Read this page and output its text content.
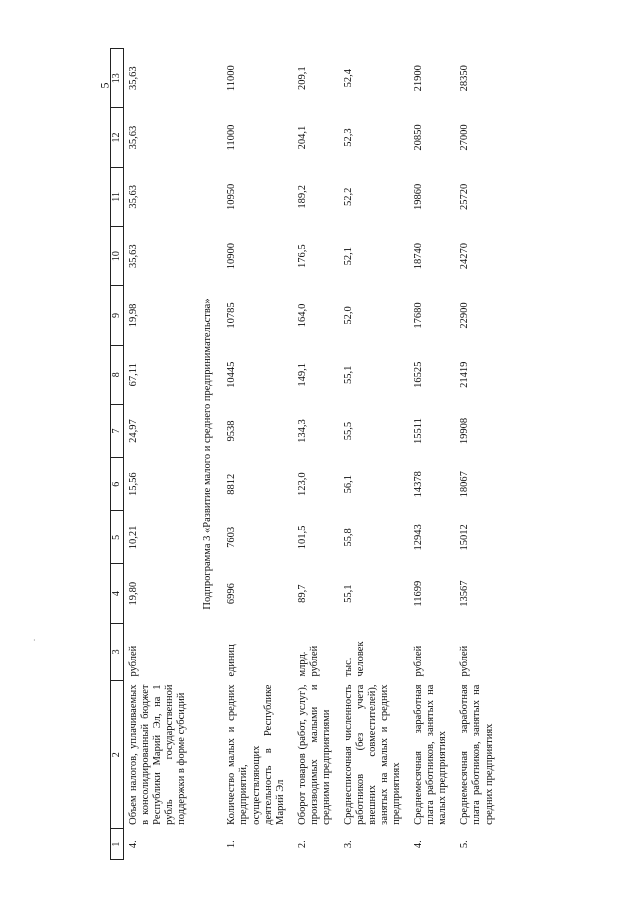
5
·
1	2	3	4	5	6	7	8	9	10	11	12	13
4.	Объем налогов, уплачиваемых в консолидированный бюджет Республики Марий Эл, на 1 рубль государственной поддержки в форме субсидий	рублей	19,80	10,21	15,56	24,97	67,11	19,98	35,63	35,63	35,63	35,63
Подпрограмма 3 «Развитие малого и среднего предпринимательства»												
1.	Количество малых и средних предприятий, осуществляющих деятельность в Республике Марий Эл	единиц	6996	7603	8812	9538	10445	10785	10900	10950	11000	11000
2.	Оборот товаров (работ, услуг), производимых малыми и средними предприятиями	млрд. рублей	89,7	101,5	123,0	134,3	149,1	164,0	176,5	189,2	204,1	209,1
3.	Среднесписочная численность работников (без учета внешних совместителей), занятых на малых и средних предприятиях	тыс. человек	55,1	55,8	56,1	55,5	55,1	52,0	52,1	52,2	52,3	52,4
4.	Среднемесячная заработная плата работников, занятых на малых предприятиях	рублей	11699	12943	14378	15511	16525	17680	18740	19860	20850	21900
5.	Среднемесячная заработная плата работников, занятых на средних предприятиях	рублей	13567	15012	18067	19908	21419	22900	24270	25720	27000	28350
